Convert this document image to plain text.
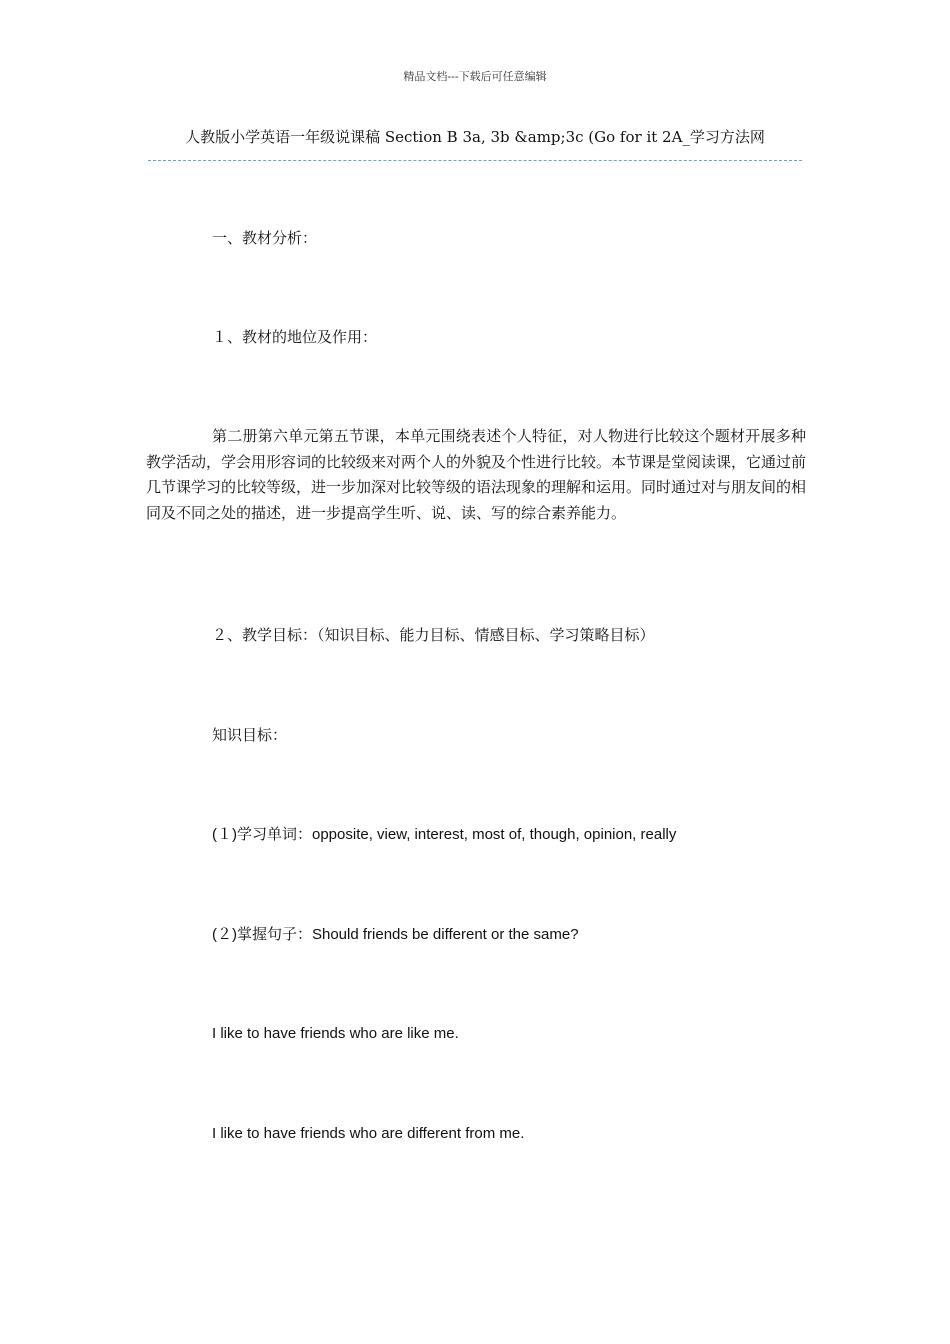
精品文档---下载后可任意编辑
人教版小学英语一年级说课稿 Section B 3a, 3b &amp;3c (Go for it 2A_学习方法网
一、教材分析：
１、教材的地位及作用：
第二册第六单元第五节课，本单元围绕表述个人特征，对人物进行比较这个题材开展多种教学活动，学会用形容词的比较级来对两个人的外貌及个性进行比较。本节课是堂阅读课，它通过前几节课学习的比较等级，进一步加深对比较等级的语法现象的理解和运用。同时通过对与朋友间的相同及不同之处的描述，进一步提高学生听、说、读、写的综合素养能力。
２、教学目标：（知识目标、能力目标、情感目标、学习策略目标）
知识目标：
(１)学习单词：opposite, view, interest, most of, though, opinion, really
(２)掌握句子：Should friends be different or the same?
I like to have friends who are like me.
I like to have friends who are different from me.
